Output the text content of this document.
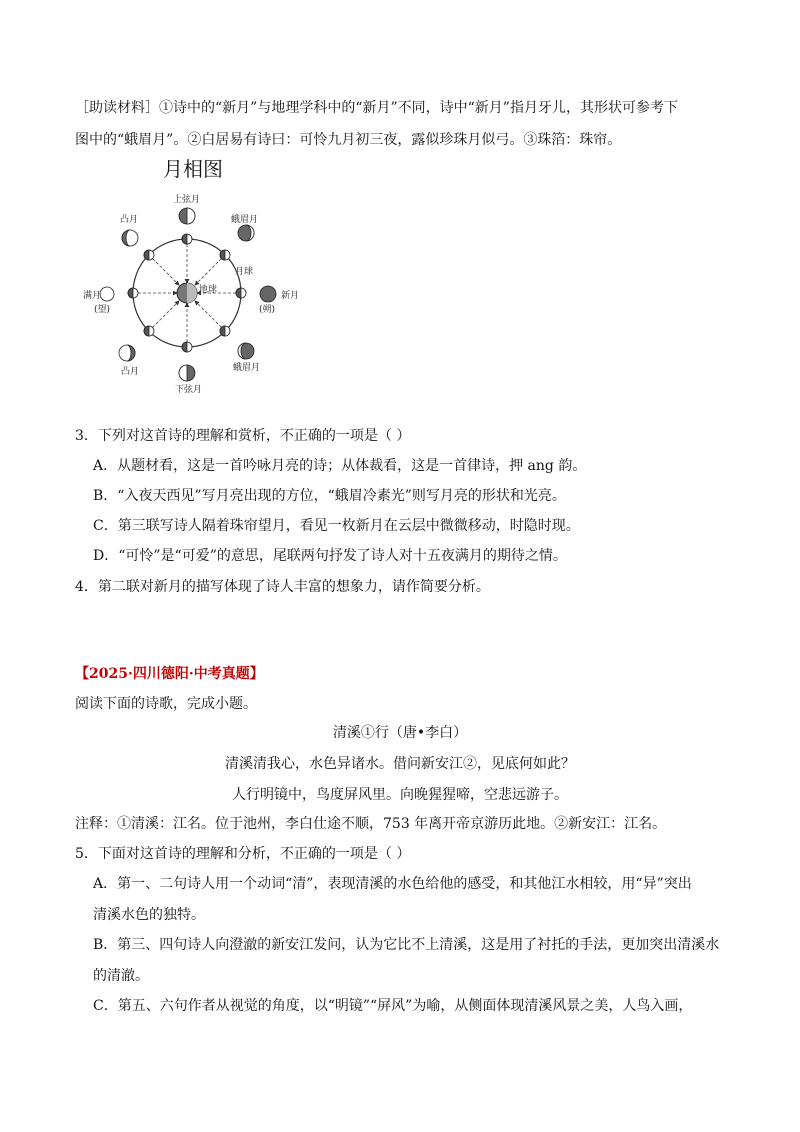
［助读材料］①诗中的“新月”与地理学科中的“新月”不同，诗中“新月”指月牙儿，其形状可参考下
图中的“蛾眉月”。②白居易有诗曰：可怜九月初三夜，露似珍珠月似弓。③珠箔：珠帘。
月相图
上弦月
凸月	蛾眉月
月球
满月
(望)
地球
新月
(朔)
凸月	蛾眉月
下弦月
3．下列对这首诗的理解和赏析，不正确的一项是（ ）
A．从题材看，这是一首吟咏月亮的诗；从体裁看，这是一首律诗，押 ang 韵。
B．“入夜天西见”写月亮出现的方位，“蛾眉冷素光”则写月亮的形状和光亮。
C．第三联写诗人隔着珠帘望月，看见一枚新月在云层中微微移动，时隐时现。
D．“可怜”是“可爱”的意思，尾联两句抒发了诗人对十五夜满月的期待之情。
4．第二联对新月的描写体现了诗人丰富的想象力，请作简要分析。
【2025·四川德阳·中考真题】
阅读下面的诗歌，完成小题。
清溪①行（唐•李白）
清溪清我心，水色异诸水。借问新安江②，见底何如此？
人行明镜中，鸟度屏风里。向晚猩猩啼，空悲远游子。
注释：①清溪：江名。位于池州，李白仕途不顺，753 年离开帝京游历此地。②新安江：江名。
5．下面对这首诗的理解和分析，不正确的一项是（ ）
A．第一、二句诗人用一个动词“清”，表现清溪的水色给他的感受，和其他江水相较，用“异”突出
清溪水色的独特。
B．第三、四句诗人向澄澈的新安江发问，认为它比不上清溪，这是用了衬托的手法，更加突出清溪水
的清澈。
C．第五、六句作者从视觉的角度，以“明镜”“屏风”为喻，从侧面体现清溪风景之美，人鸟入画，
